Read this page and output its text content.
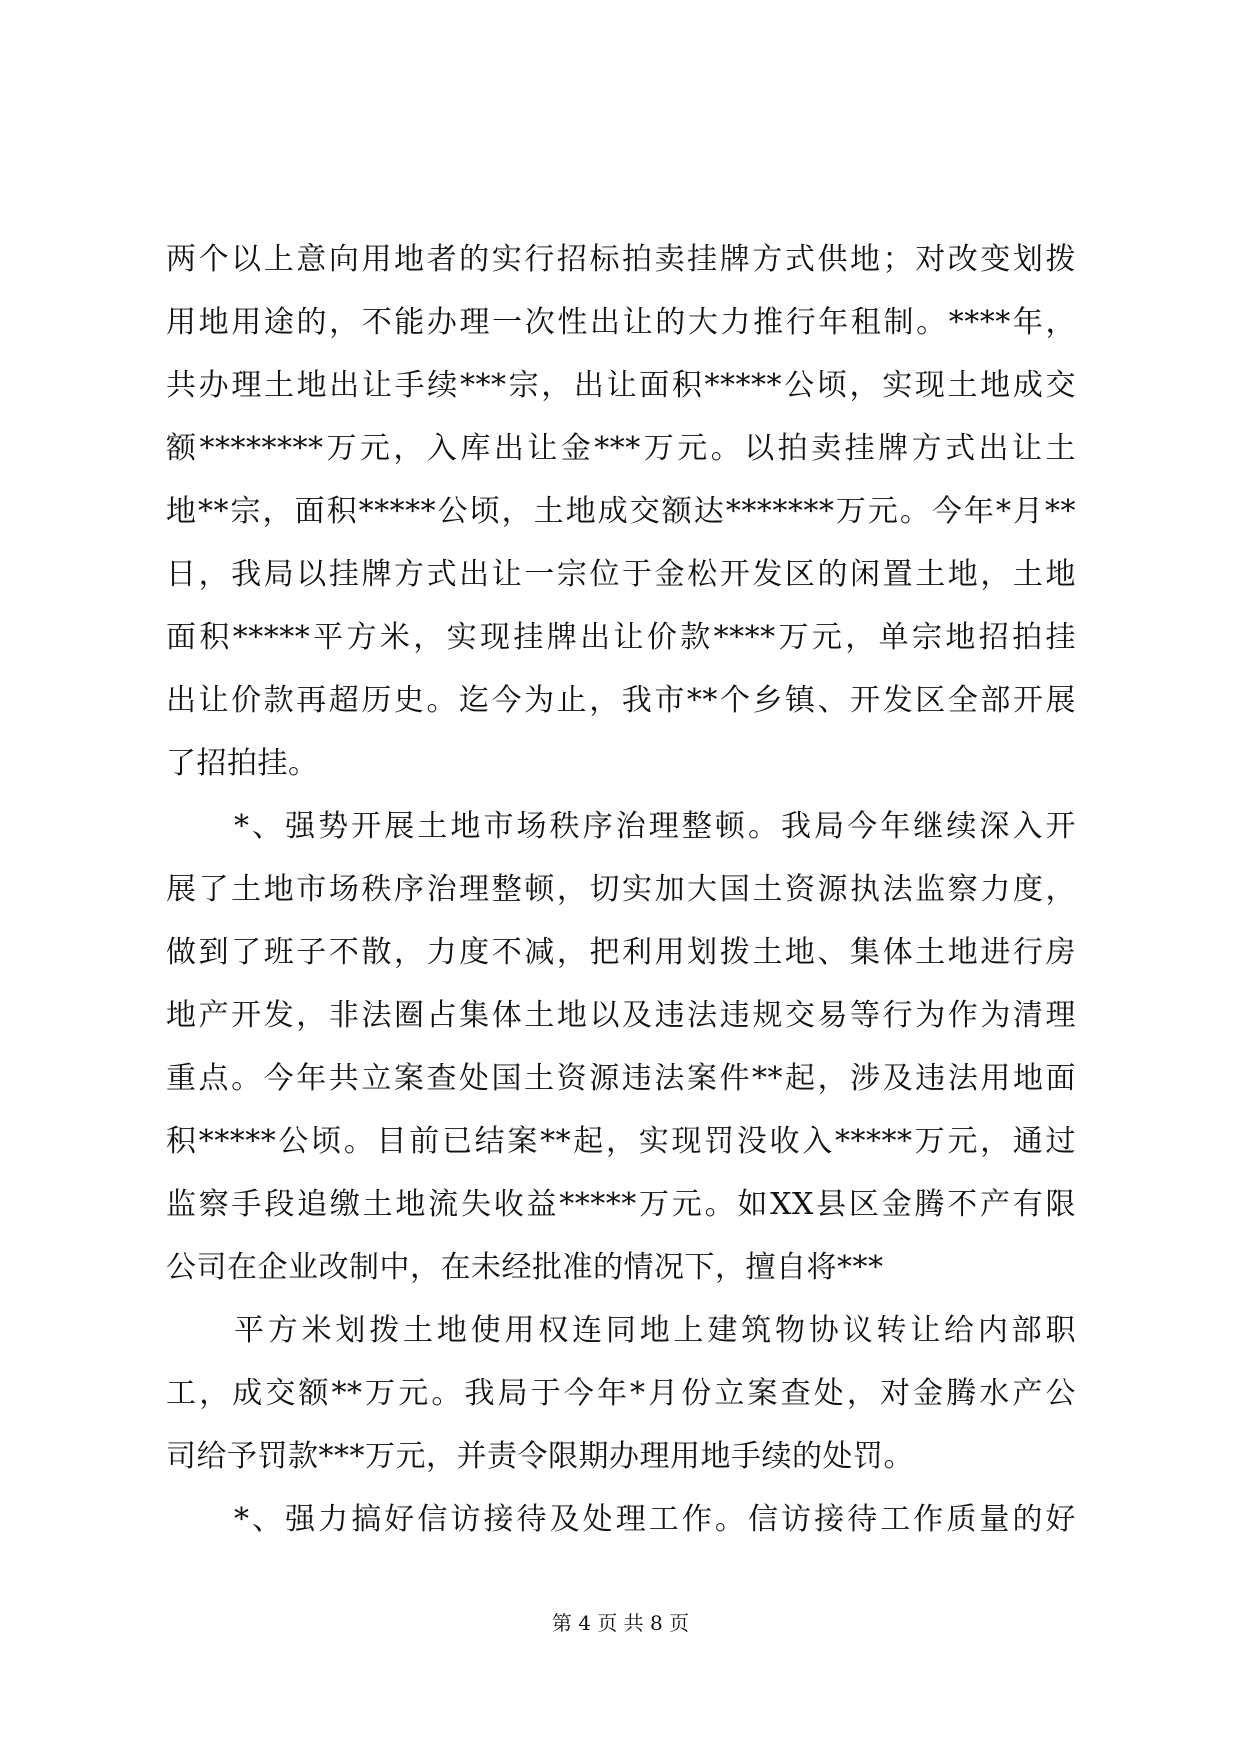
两个以上意向用地者的实行招标拍卖挂牌方式供地；对改变划拨
用地用途的，不能办理一次性出让的大力推行年租制。****年，
共办理土地出让手续***宗，出让面积*****公顷，实现土地成交
额********万元，入库出让金***万元。以拍卖挂牌方式出让土
地**宗，面积*****公顷，土地成交额达*******万元。今年*月**
日，我局以挂牌方式出让一宗位于金松开发区的闲置土地，土地
面积*****平方米，实现挂牌出让价款****万元，单宗地招拍挂
出让价款再超历史。迄今为止，我市**个乡镇、开发区全部开展
了招拍挂。
*、强势开展土地市场秩序治理整顿。我局今年继续深入开
展了土地市场秩序治理整顿，切实加大国土资源执法监察力度，
做到了班子不散，力度不减，把利用划拨土地、集体土地进行房
地产开发，非法圈占集体土地以及违法违规交易等行为作为清理
重点。今年共立案查处国土资源违法案件**起，涉及违法用地面
积*****公顷。目前已结案**起，实现罚没收入*****万元，通过
监察手段追缴土地流失收益*****万元。如XX县区金腾不产有限
公司在企业改制中，在未经批准的情况下，擅自将***
平方米划拨土地使用权连同地上建筑物协议转让给内部职
工，成交额**万元。我局于今年*月份立案查处，对金腾水产公
司给予罚款***万元，并责令限期办理用地手续的处罚。
*、强力搞好信访接待及处理工作。信访接待工作质量的好
第 4 页 共 8 页
